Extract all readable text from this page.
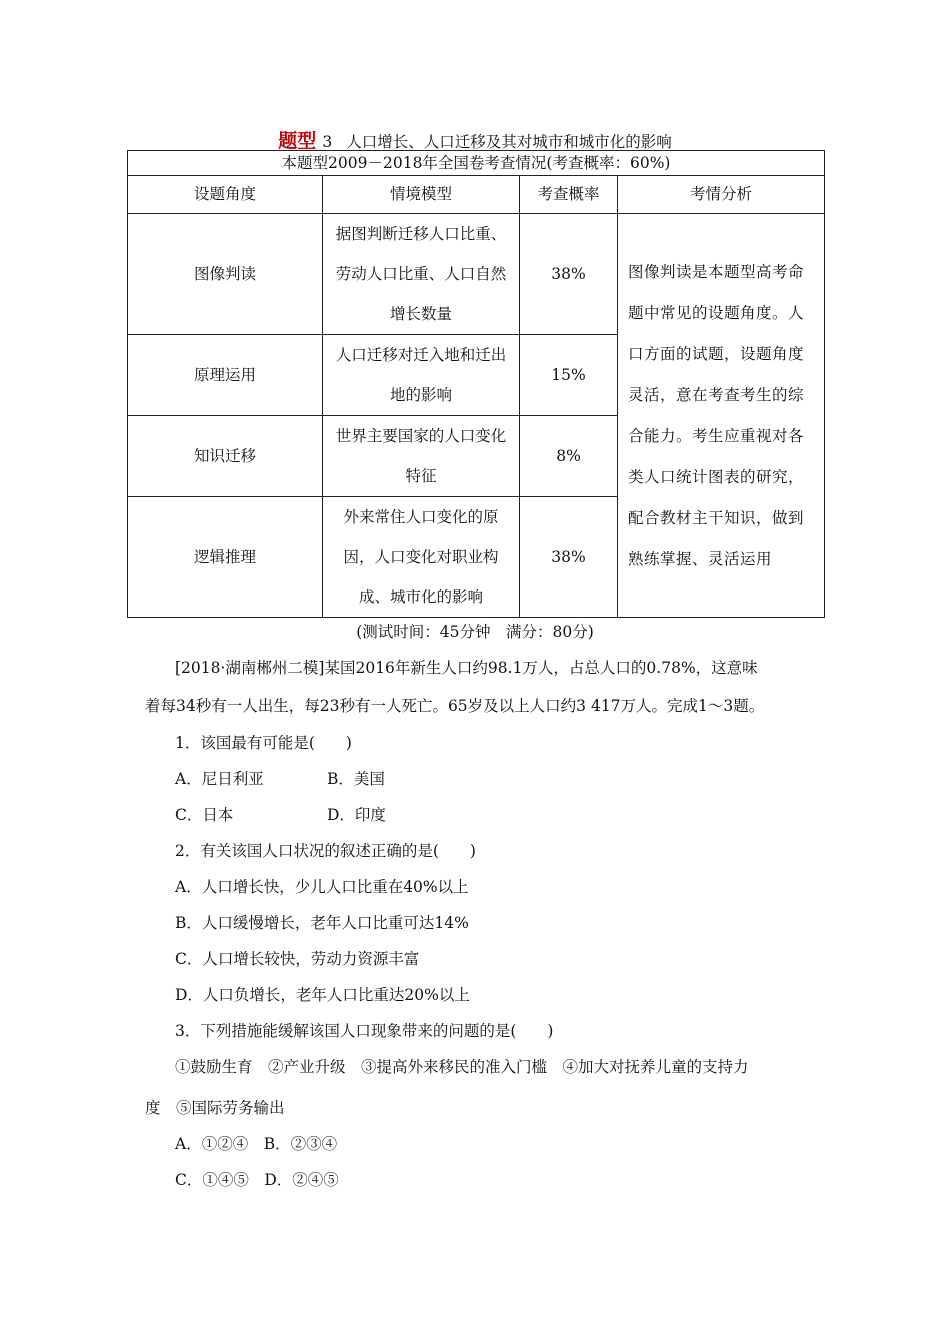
题型 3 人口增长、人口迁移及其对城市和城市化的影响
本题型2009－2018年全国卷考查情况(考查概率：60%)			
设题角度	情境模型	考查概率	考情分析
图像判读	据图判断迁移人口比重、劳动人口比重、人口自然增长数量	38%	图像判读是本题型高考命题中常见的设题角度。人口方面的试题，设题角度灵活，意在考查考生的综合能力。考生应重视对各类人口统计图表的研究，配合教材主干知识，做到熟练掌握、灵活运用
原理运用	人口迁移对迁入地和迁出地的影响	15%	
知识迁移	世界主要国家的人口变化特征	8%	
逻辑推理	外来常住人口变化的原因，人口变化对职业构成、城市化的影响	38%	
(测试时间：45分钟　满分：80分)
[2018·湖南郴州二模]某国2016年新生人口约98.1万人，占总人口的0.78%，这意味
着每34秒有一人出生，每23秒有一人死亡。65岁及以上人口约3 417万人。完成1～3题。
1．该国最有可能是(　　)
A．尼日利亚	B．美国
C．日本	D．印度
2．有关该国人口状况的叙述正确的是(　　)
A．人口增长快，少儿人口比重在40%以上
B．人口缓慢增长，老年人口比重可达14%
C．人口增长较快，劳动力资源丰富
D．人口负增长，老年人口比重达20%以上
3．下列措施能缓解该国人口现象带来的问题的是(　　)
①鼓励生育　②产业升级　③提高外来移民的准入门槛　④加大对抚养儿童的支持力
度　⑤国际劳务输出
A．①②④　B．②③④
C．①④⑤　D．②④⑤
